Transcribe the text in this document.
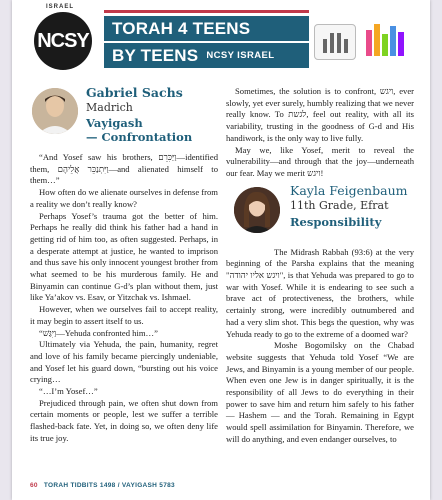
ISRAEL
NCSY
TORAH 4 TEENS
BY TEENS NCSY ISRAEL
Gabriel Sachs
Madrich
Vayigash
— Confrontation

“And Yosef saw his brothers, וַיַּכִּרֵם—identified them, וַיִּתְנַכֵּר אֲלֵיהֶם—and alienated himself to them…”

How often do we alienate ourselves in defense from a reality we don’t really know?

Perhaps Yosef’s trauma got the better of him. Perhaps he really did think his father had a hand in getting rid of him too, as often suggested. Perhaps, in a desperate attempt at justice, he wanted to imprison and thus save his only innocent youngest brother from what seemed to be his murderous family. He and Binyamin can continue G-d’s plan without them, just like Ya’akov vs. Esav, or Yitzchak vs. Ishmael.

However, when we ourselves fail to accept reality, it may begin to assert itself to us.

“וַיִּגַּשׁ—Yehuda confronted him…”

Ultimately via Yehuda, the pain, humanity, regret and love of his family became piercingly undeniable, and Yosef let his guard down, “bursting out his voice crying…

“…I’m Yosef…”

Prejudiced through pain, we often shut down from certain moments or people, lest we suffer a terrible flashed-back fate. Yet, in doing so, we often deny life its true joy.

Sometimes, the solution is to confront, ויגש, ever slowly, yet ever surely, humbly realizing that we never really know. To לגשת, feel out reality, with all its variability, trusting in the goodness of G-d and His handiwork, is the only way to live fully.

May we, like Yosef, merit to reveal the vulnerability—and through that the joy—underneath our fear. May we merit ויגש!

Kayla Feigenbaum
11th Grade, Efrat
Responsibility

The Midrash Rabbah (93:6) at the very beginning of the Parsha explains that the meaning "ויגש אליו יהודה", is that Yehuda was prepared to go to war with Yosef. While it is endearing to see such a brave act of protectiveness, the brothers, while certainly strong, were incredibly outnumbered and had a very slim shot. This begs the question, why was Yehuda ready to go to the extreme of a doomed war?

Moshe Bogomilsky on the Chabad website suggests that Yehuda told Yosef “We are Jews, and Binyamin is a young member of our people. When even one Jew is in danger spiritually, it is the responsibility of all Jews to do everything in their power to save him and return him safely to his father — Hashem — and the Torah. Remaining in Egypt would spell assimilation for Binyamin. Therefore, we will do anything, and even endanger ourselves, to

60 TORAH TIDBITS 1498 / VAYIGASH 5783
